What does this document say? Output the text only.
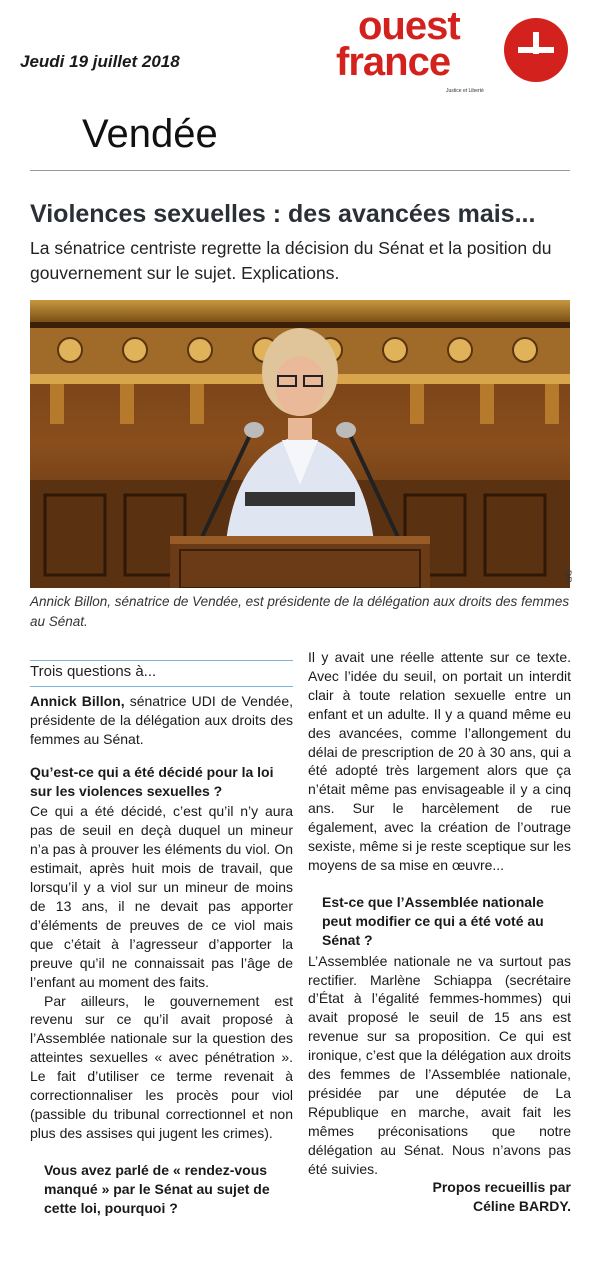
Jeudi 19 juillet 2018
ouest
france
Justice et Liberté
Vendée
Violences sexuelles : des avancées mais...
La sénatrice centriste regrette la décision du Sénat et la position du gouvernement sur le sujet. Explications.
DR
Annick Billon, sénatrice de Vendée, est présidente de la délégation aux droits des femmes au Sénat.
Trois questions à...

Annick Billon, sénatrice UDI de Vendée, présidente de la délégation aux droits des femmes au Sénat.

Qu’est-ce qui a été décidé pour la loi sur les violences sexuelles ?

Ce qui a été décidé, c’est qu’il n’y aura pas de seuil en deçà duquel un mineur n’a pas à prouver les éléments du viol. On estimait, après huit mois de travail, que lorsqu’il y a viol sur un mineur de moins de 13 ans, il ne devait pas apporter d’éléments de preuves de ce viol mais que c’était à l’agresseur d’apporter la preuve qu’il ne connaissait pas l’âge de l’enfant au moment des faits.

Par ailleurs, le gouvernement est revenu sur ce qu’il avait proposé à l’Assemblée nationale sur la question des atteintes sexuelles « avec pénétration ». Le fait d’utiliser ce terme revenait à correctionnaliser les procès pour viol (passible du tribunal correctionnel et non plus des assises qui jugent les crimes).

Vous avez parlé de « rendez-vous manqué » par le Sénat au sujet de cette loi, pourquoi ?

Il y avait une réelle attente sur ce texte. Avec l’idée du seuil, on portait un interdit clair à toute relation sexuelle entre un enfant et un adulte. Il y a quand même eu des avancées, comme l’allongement du délai de prescription de 20 à 30 ans, qui a été adopté très largement alors que ça n’était même pas envisageable il y a cinq ans. Sur le harcèlement de rue également, avec la création de l’outrage sexiste, même si je reste sceptique sur les moyens de sa mise en œuvre...

Est-ce que l’Assemblée nationale peut modifier ce qui a été voté au Sénat ?

L’Assemblée nationale ne va surtout pas rectifier. Marlène Schiappa (secrétaire d’État à l’égalité femmes-hommes) qui avait proposé le seuil de 15 ans est revenue sur sa proposition. Ce qui est ironique, c’est que la délégation aux droits des femmes de l’Assemblée nationale, présidée par une députée de La République en marche, avait fait les mêmes préconisations que notre délégation au Sénat. Nous n’avons pas été suivies.

Propos recueillis par

Céline BARDY.
